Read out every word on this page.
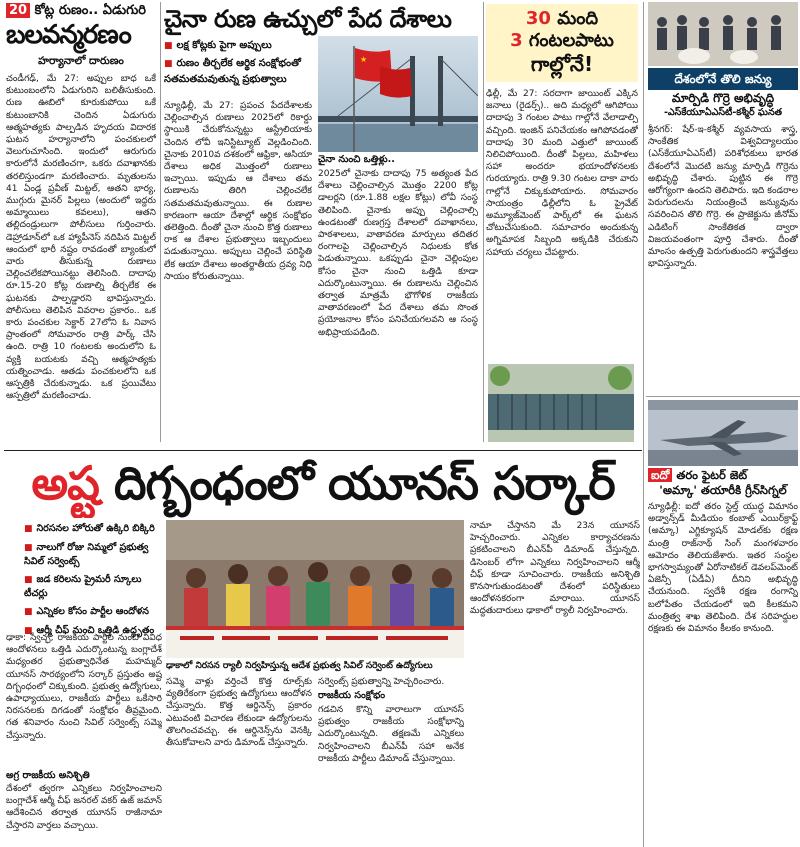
20 కోట్ల రుణం.. ఏడుగురి
బలవన్మరణం
హర్యానాలో దారుణం
చండీగఢ్‌, మే 27: అప్పుల బాధ ఒకే కుటుంబంలోని ఏడుగురిని బలితీసుకుంది. రుణ ఊబిలో కూరుకుపోయి ఒకే కుటుంబానికి చెందిన ఏడుగురు ఆత్మహత్యకు పాల్పడిన హృదయ విదారక ఘటన హర్యానాలోని పంచకులలో వెలుగుచూసింది. ఇందులో ఆరుగురు కారులోనే మరణించగా, ఒకరు దవాఖానకు తరలిస్తుండగా మరణించారు. మృతులను 41 ఏండ్ల ప్రవీణ్‌ మిట్టల్‌, ఆతని భార్య, ముగ్గురు మైనర్‌ పిల్లలు (అందులో ఇద్దరు అమ్మాయిలు కవలలు), ఆతని తల్లిదండ్రులుగా పోలీసులు గుర్తించారు. డెహ్రాడూన్‌లో ఒక హ్యాపీనెస్‌ నదిపిన మిట్టల్‌ ఆందులో భారీ నష్టం రావడంతో బ్యాంకులో వారు తీసుకున్న రుణాలు చెల్లించలేకపోయినట్టు తెలిసింది. దాదాపు రూ.15-20 కోట్ల రుణాల్ని తీర్చలేక ఈ ఘటనకు పాల్పడ్డారని భావిస్తున్నారు. పోలీసులు తెలిపిన వివరాల ప్రకారం.. ఒక కారు పంచకుల సెక్టార్‌ 27లోని ఓ నివాస ప్రాంతంలో సోమవారం రాత్రి పార్క్‌ చేసి ఉంది. రాత్రి 10 గంటలకు అందులోని ఓ వ్యక్తి బయటకు వచ్చి ఆత్మహత్యకు యత్నించాడు. ఆతడు పంచకులలోని ఒక ఆస్పత్రికి చేరుకున్నాడు. ఒక ప్రయివేటు ఆస్పత్రిలో మరణించాడు.
చైనా రుణ ఉచ్చులో పేద దేశాలు
■ లక్ష కోట్లకు పైగా అప్పులు
■ రుణం తీర్చలేక ఆర్థిక సంక్షోభంతో సతమతమవుతున్న ప్రభుత్వాలు
న్యూఢిల్లీ, మే 27: ప్రపంచ పేదదేశాలకు చెల్లించాల్సిన రుణాలు 2025లో రికార్డు స్థాయికి చేరుకోనున్నట్టు ఆస్ట్రేలియాకు చెందిన లోవీ ఇనిస్టిట్యూట్‌ వెల్లడించింది. చైనాకు 2010వ దశకంలో ఆఫ్రికా, ఆసియా దేశాలు అధిక మొత్తంలో రుణాలు ఇచ్చాయి. ఇప్పుడు ఆ దేశాలు తమ రుణాలను తిరిగి చెల్లించలేక సతమతమవుతున్నాయి. ఈ రుణాల కారణంగా ఆయా దేశాల్లో ఆర్థిక సంక్షోభం తలెత్తింది. దీంతో చైనా నుంచి కొత్త రుణాలు రాక ఆ దేశాల ప్రభుత్వాలు ఇబ్బందులు పడుతున్నాయి. అప్పులు చెల్లించే పరిస్థితి లేక ఆయా దేశాలు అంతర్జాతీయ ద్రవ్య నిధి సాయం కోరుతున్నాయి.
★
చైనా నుంచి ఒత్తిళ్లు..
2025లో చైనాకు దాదాపు 75 అత్యంత పేద దేశాలు చెల్లించాల్సిన మొత్తం 2200 కోట్ల డాలర్లని (రూ.1.88 లక్షల కోట్లు) లోవీ సంస్థ తెలిపింది. చైనాకు అప్పు చెల్లించాల్సి ఉండటంతో రుణగ్రస్త దేశాలలో దవాఖానలు, పాఠశాలలు, వాతావరణ మార్పులు తదితర రంగాలపై చెల్లించాల్సిన నిధులకు కోత పెడుతున్నాయి. ఒకప్పుడు చైనా చెల్లింపుల కోసం చైనా నుంచి ఒత్తిడి కూడా ఎదుర్కొంటున్నాయి. ఈ రుణాలను చెల్లించిన తర్వాత మాత్రమే భౌగోళిక రాజకీయ వాతావరణంలో పేద దేశాలు తమ సొంత ప్రయోజనాల కోసం పనిచేయగలవని ఆ సంస్థ అభిప్రాయపడింది.
30 మంది
3 గంటలపాటు
గాల్లోనే!
ఢిల్లీ, మే 27: సరదాగా జాయింట్‌ ఎక్కిన జనాలు (రైడర్స్‌).. అది మధ్యలో ఆగిపోయి దాదాపు 3 గంటల పాటు గాల్లోనే వేలాడాల్సి వచ్చింది. ఇంజిన్‌ పనిచేయకం ఆగిపోవడంతో దాదాపు 30 మంది ఎత్తులో జాయింట్‌ నిలిచిపోయింది. దీంతో పిల్లలు, మహిళలు సహా అందరూ భయాందోళనలకు గురయ్యారు. రాత్రి 9.30 గంటల దాకా వారు గాల్లోనే చిక్కుకుపోయారు. సోమవారం సాయంత్రం ఢిల్లీలోని ఓ ప్రైవేట్‌ అమ్యూజ్‌మెంట్‌ పార్క్‌లో ఈ ఘటన చోటుచేసుకుంది. సమాచారం అందుకున్న అగ్నిమాపక సిబ్బంది అక్కడికి చేరుకుని సహాయ చర్యలు చేపట్టారు.
దేశంలోనే తొలి జన్యు
మార్పిడి గొర్రె అభివృద్ధి
-ఎస్‌కేయూఏఎస్‌టీ-కశ్మీర్‌ ఘనత
శ్రీనగర్‌: షేర్‌-ఇ-కశ్మీర్‌ వ్యవసాయ శాస్త్ర, సాంకేతిక విశ్వవిద్యాలయం (ఎస్‌కేయూఏఎస్‌టీ) పరిశోధకులు భారత దేశంలోనే మొదటి జన్యు మార్పిడి గొర్రెను అభివృద్ధి చేశారు. పుట్టిన ఈ గొర్రె ఆరోగ్యంగా ఉందని తెలిపారు. ఇది కండరాల పెరుగుదలను నియంత్రించే జన్యువును సవరించిన తొలి గొర్రె. ఈ ప్రాజెక్టును జీనోమ్‌ ఎడిటింగ్‌ సాంకేతికత ద్వారా విజయవంతంగా పూర్తి చేశారు. దీంతో మాంసం ఉత్పత్తి పెరుగుతుందని శాస్త్రవేత్తలు భావిస్తున్నారు.
ఐదో తరం ఫైటర్‌ జెట్‌
'అమ్కా' తయారీకి గ్రీన్‌సిగ్నల్‌
న్యూఢిల్లీ: ఐదో తరం స్టెల్త్‌ యుద్ధ విమానం అడ్వాన్స్‌డ్‌ మీడియం కంబాట్‌ ఎయిర్‌క్రాఫ్ట్‌ (అమ్కా) ఎగ్జిక్యూషన్‌ మోడల్‌కు రక్షణ మంత్రి రాజ్‌నాథ్‌ సింగ్‌ మంగళవారం ఆమోదం తెలియజేశారు. ఇతర సంస్థల భాగస్వామ్యంతో ఏరోనాటికల్‌ డెవలప్‌మెంట్‌ ఏజెన్సీ (ఏడీఏ) దీనిని అభివృద్ధి చేయనుంది. స్వదేశీ రక్షణ రంగాన్ని బలోపేతం చేయడంలో ఇది కీలకమని మంత్రిత్వ శాఖ తెలిపింది. దేశ సరిహద్దుల రక్షణకు ఈ విమానం కీలకం కానుంది.
అష్ట దిగ్బంధంలో యూనస్‌ సర్కార్‌
■ నిరసనల హోరుతో ఉక్కిరి బిక్కిరి
■ నాలుగో రోజు నిమ్మలో ప్రభుత్వ సివిల్‌ సర్వెంట్స్‌
■ జడ కరిలను ప్రైమరీ స్కూలు టీచర్లు
■ ఎన్నికల కోసం పార్టీల ఆందోళన
■ ఆర్మీ చీఫ్‌ నుంచి ఒత్తిడి ఉద్ధృతం
ఢాకాలో నిరసన ర్యాలీ నిర్వహిస్తున్న ఆదేశ ప్రభుత్వ సివిల్‌ సర్వెంట్‌ ఉద్యోగులు
ఢాకా: స్వేచ్ఛ, రాజకీయ పార్టీల నుంచి వివిధ ఆందోళనలు ఒత్తిడి ఎదుర్కొంటున్న బంగ్లాదేశ్‌ మధ్యంతర ప్రభుత్వాధినేత మహమ్మద్‌ యూనస్‌ సారథ్యంలోని సర్కార్‌ ప్రస్తుతం అష్ట దిగ్బంధంలో చిక్కుకుంది. ప్రభుత్వ ఉద్యోగులు, ఉపాధ్యాయులు, రాజకీయ పార్టీలు ఒకేసారి నిరసనలకు దిగడంతో సంక్షోభం తీవ్రమైంది. గత శనివారం నుంచి సివిల్‌ సర్వెంట్స్‌ సమ్మె చేస్తున్నారు.
అగ్ర రాజకీయ అనిశ్చితి
దేశంలో త్వరగా ఎన్నికలు నిర్వహించాలని బంగ్లాదేశ్‌ ఆర్మీ చీఫ్‌ జనరల్‌ వకర్‌ ఉజ్‌ జమాన్‌ ఆదేశించిన తర్వాత యూనస్‌ రాజీనామా చేస్తారని వార్తలు వచ్చాయి.
సమ్మె వాళ్లు వర్తించే కొత్త రూల్స్‌కు వ్యతిరేకంగా ప్రభుత్వ ఉద్యోగులు ఆందోళన చేస్తున్నారు. కొత్త ఆర్డినెన్స్‌ ప్రకారం ఎటువంటి విచారణ లేకుండా ఉద్యోగులను తొలగించవచ్చు. ఈ ఆర్డినెన్స్‌ను వెనక్కి తీసుకోవాలని వారు డిమాండ్‌ చేస్తున్నారు.
సర్వెంట్స్‌ ప్రభుత్వాన్ని హెచ్చరించారు.
రాజకీయ సంక్షోభం
గడచిన కొన్ని వారాలుగా యూనస్‌ ప్రభుత్వం రాజకీయ సంక్షోభాన్ని ఎదుర్కొంటున్నది. తక్షణమే ఎన్నికలు నిర్వహించాలని బీఎన్‌పీ సహా అనేక రాజకీయ పార్టీలు డిమాండ్‌ చేస్తున్నాయి.
నామా చేస్తానని మే 23న యూనస్‌ హెచ్చరించారు. ఎన్నికల కార్యాచరణను ప్రకటించాలని బీఎన్‌పీ డిమాండ్‌ చేస్తున్నది. డిసెంబర్‌ లోగా ఎన్నికలు నిర్వహించాలని ఆర్మీ చీఫ్‌ కూడా సూచించారు. రాజకీయ అనిశ్చితి కొనసాగుతుండటంతో దేశంలో పరిస్థితులు ఆందోళనకరంగా మారాయి. యూనస్‌ మద్దతుదారులు ఢాకాలో ర్యాలీ నిర్వహించారు.
